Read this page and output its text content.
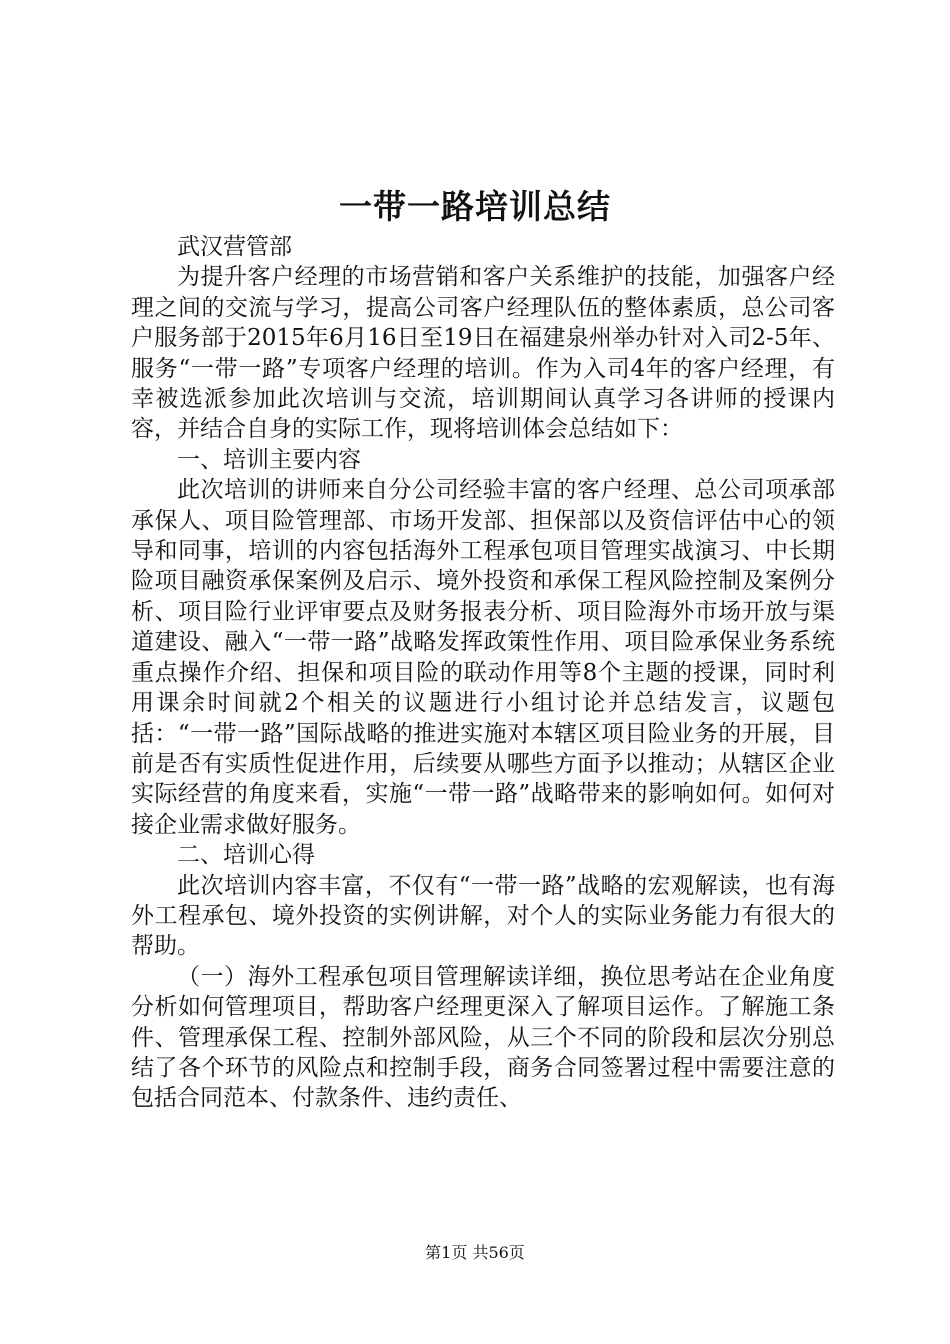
一带一路培训总结

武汉营管部

为提升客户经理的市场营销和客户关系维护的技能，加强客户经理之间的交流与学习，提高公司客户经理队伍的整体素质，总公司客户服务部于2015年6月16日至19日在福建泉州举办针对入司2-5年、服务“一带一路”专项客户经理的培训。作为入司4年的客户经理，有幸被选派参加此次培训与交流，培训期间认真学习各讲师的授课内容，并结合自身的实际工作，现将培训体会总结如下：

一、培训主要内容

此次培训的讲师来自分公司经验丰富的客户经理、总公司项承部承保人、项目险管理部、市场开发部、担保部以及资信评估中心的领导和同事，培训的内容包括海外工程承包项目管理实战演习、中长期险项目融资承保案例及启示、境外投资和承保工程风险控制及案例分析、项目险行业评审要点及财务报表分析、项目险海外市场开放与渠道建设、融入“一带一路”战略发挥政策性作用、项目险承保业务系统重点操作介绍、担保和项目险的联动作用等8个主题的授课，同时利用课余时间就2个相关的议题进行小组讨论并总结发言，议题包括：“一带一路”国际战略的推进实施对本辖区项目险业务的开展，目前是否有实质性促进作用，后续要从哪些方面予以推动；从辖区企业实际经营的角度来看，实施“一带一路”战略带来的影响如何。如何对接企业需求做好服务。

二、培训心得

此次培训内容丰富，不仅有“一带一路”战略的宏观解读，也有海外工程承包、境外投资的实例讲解，对个人的实际业务能力有很大的帮助。

（一）海外工程承包项目管理解读详细，换位思考站在企业角度分析如何管理项目，帮助客户经理更深入了解项目运作。了解施工条件、管理承保工程、控制外部风险，从三个不同的阶段和层次分别总结了各个环节的风险点和控制手段，商务合同签署过程中需要注意的包括合同范本、付款条件、违约责任、

第1页 共56页
